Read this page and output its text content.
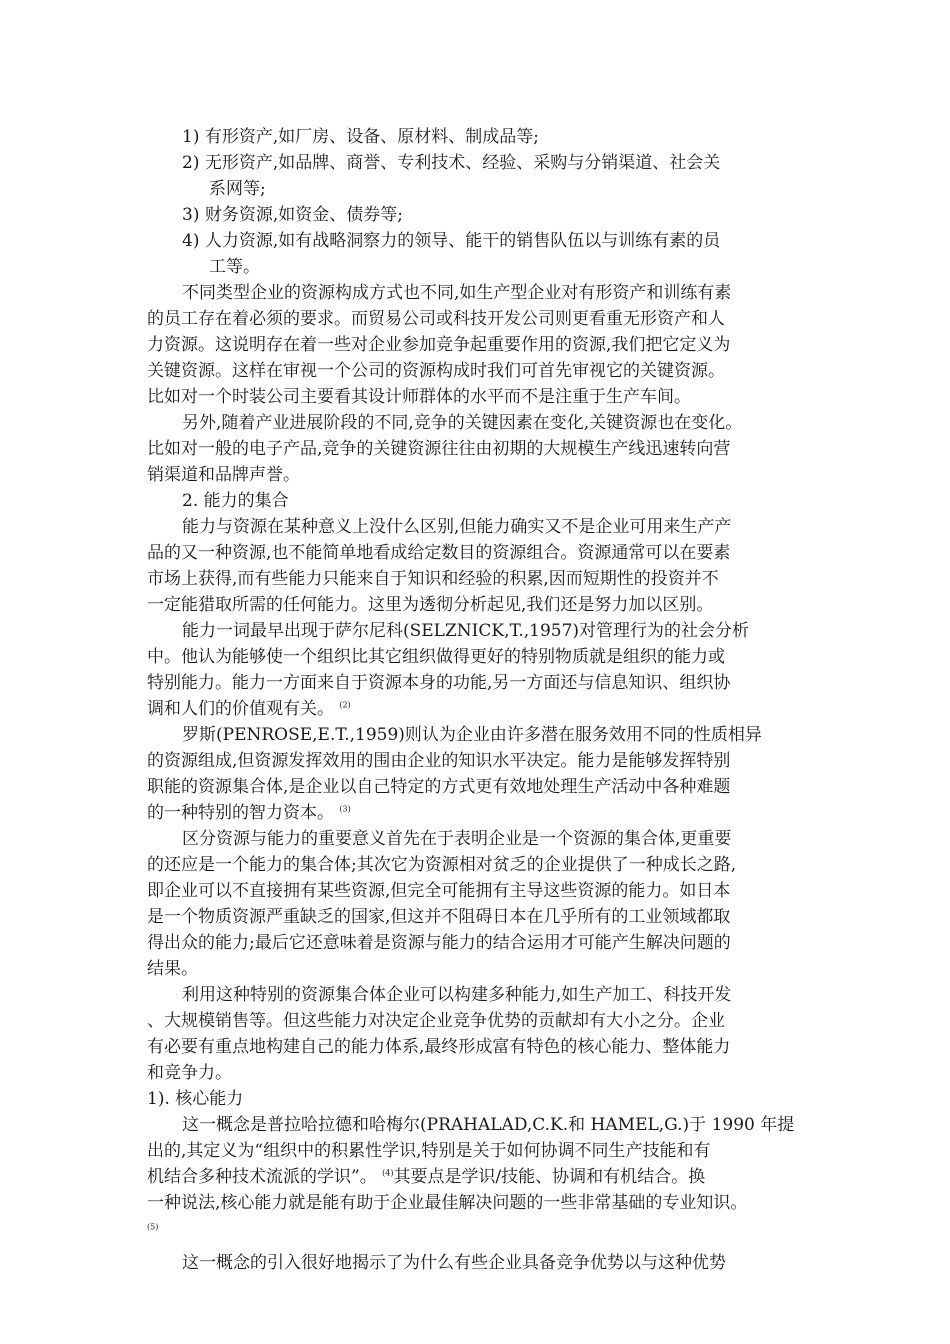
1) 有形资产,如厂房、设备、原材料、制成品等;
2) 无形资产,如品牌、商誉、专利技术、经验、采购与分销渠道、社会关
系网等;
3) 财务资源,如资金、债券等;
4) 人力资源,如有战略洞察力的领导、能干的销售队伍以与训练有素的员
工等。
不同类型企业的资源构成方式也不同,如生产型企业对有形资产和训练有素
的员工存在着必须的要求。而贸易公司或科技开发公司则更看重无形资产和人
力资源。这说明存在着一些对企业参加竞争起重要作用的资源,我们把它定义为
关键资源。这样在审视一个公司的资源构成时我们可首先审视它的关键资源。
比如对一个时装公司主要看其设计师群体的水平而不是注重于生产车间。
另外,随着产业进展阶段的不同,竞争的关键因素在变化,关键资源也在变化。
比如对一般的电子产品,竞争的关键资源往往由初期的大规模生产线迅速转向营
销渠道和品牌声誉。
2. 能力的集合
能力与资源在某种意义上没什么区别,但能力确实又不是企业可用来生产产
品的又一种资源,也不能简单地看成给定数目的资源组合。资源通常可以在要素
市场上获得,而有些能力只能来自于知识和经验的积累,因而短期性的投资并不
一定能猎取所需的任何能力。这里为透彻分析起见,我们还是努力加以区别。
能力一词最早出现于萨尔尼科(SELZNICK,T.,1957)对管理行为的社会分析
中。他认为能够使一个组织比其它组织做得更好的特别物质就是组织的能力或
特别能力。能力一方面来自于资源本身的功能,另一方面还与信息知识、组织协
调和人们的价值观有关。 $^{(2)}$
罗斯(PENROSE,E.T.,1959)则认为企业由许多潜在服务效用不同的性质相异
的资源组成,但资源发挥效用的围由企业的知识水平决定。能力是能够发挥特别
职能的资源集合体,是企业以自己特定的方式更有效地处理生产活动中各种难题
的一种特别的智力资本。 $^{(3)}$
区分资源与能力的重要意义首先在于表明企业是一个资源的集合体,更重要
的还应是一个能力的集合体;其次它为资源相对贫乏的企业提供了一种成长之路,
即企业可以不直接拥有某些资源,但完全可能拥有主导这些资源的能力。如日本
是一个物质资源严重缺乏的国家,但这并不阻碍日本在几乎所有的工业领域都取
得出众的能力;最后它还意味着是资源与能力的结合运用才可能产生解决问题的
结果。
利用这种特别的资源集合体企业可以构建多种能力,如生产加工、科技开发
、大规模销售等。但这些能力对决定企业竞争优势的贡献却有大小之分。企业
有必要有重点地构建自己的能力体系,最终形成富有特色的核心能力、整体能力
和竞争力。
1). 核心能力
这一概念是普拉哈拉德和哈梅尔(PRAHALAD,C.K.和 HAMEL,G.)于 1990 年提
出的,其定义为“组织中的积累性学识,特别是关于如何协调不同生产技能和有
机结合多种技术流派的学识”。 $^{(4)}$其要点是学识/技能、协调和有机结合。换
一种说法,核心能力就是能有助于企业最佳解决问题的一些非常基础的专业知识。
$^{(5)}$
这一概念的引入很好地揭示了为什么有些企业具备竞争优势以与这种优势
